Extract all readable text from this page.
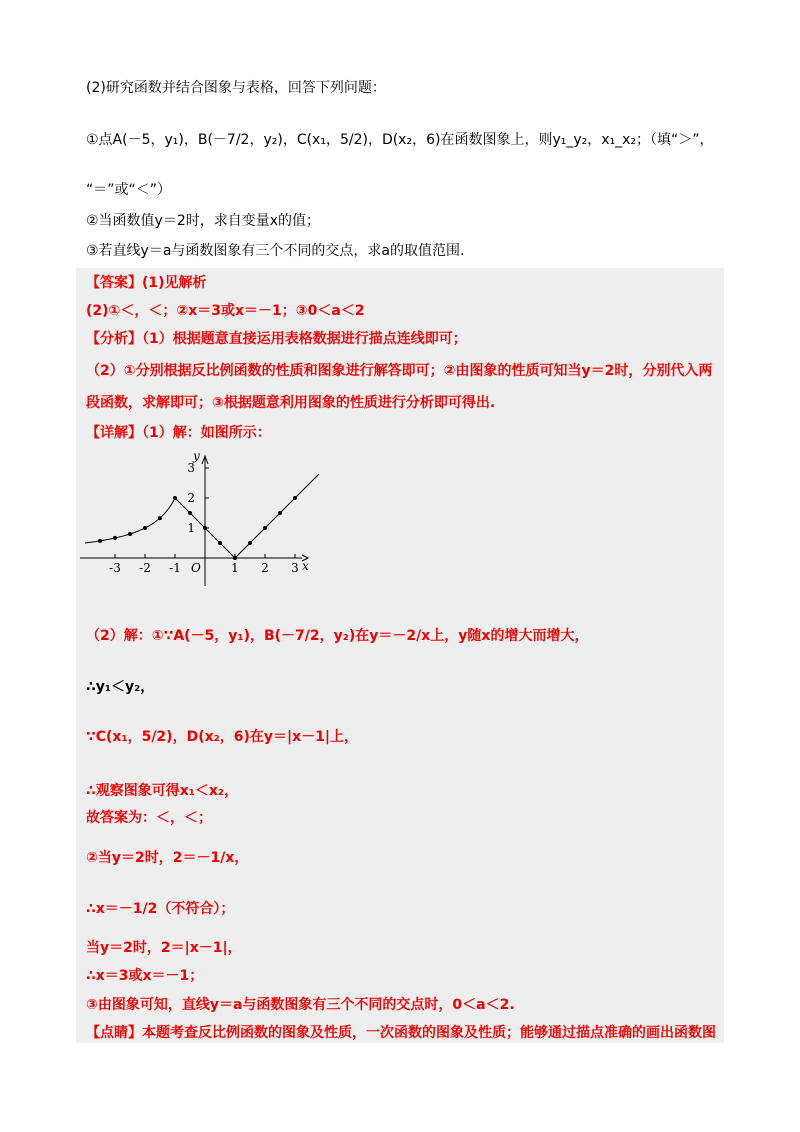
(2)研究函数并结合图象与表格，回答下列问题：
①点A(－5，y₁)，B(－7/2，y₂)，C(x₁，5/2)，D(x₂，6)在函数图象上，则y₁_y₂，x₁_x₂；（填“＞”，
“＝”或“＜”）
②当函数值y＝2时，求自变量x的值；
③若直线y＝a与函数图象有三个不同的交点，求a的取值范围.
【答案】(1)见解析
(2)①＜，＜；②x＝3或x＝－1；③0＜a＜2
【分析】（1）根据题意直接运用表格数据进行描点连线即可；
（2）①分别根据反比例函数的性质和图象进行解答即可；②由图象的性质可知当y＝2时，分别代入两
段函数，求解即可；③根据题意利用图象的性质进行分析即可得出.
【详解】（1）解：如图所示：
-3 -2 -1	1 2 3
1
2
3
O	x
y
（2）解：①∵A(－5，y₁)，B(－7/2，y₂)在y＝－2/x上，y随x的增大而增大，
∴y₁＜y₂，
∵C(x₁，5/2)，D(x₂，6)在y＝|x－1|上，
∴观察图象可得x₁＜x₂，
故答案为：＜，＜；
②当y＝2时，2＝－1/x，
∴x＝－1/2（不符合）；
当y＝2时，2＝|x－1|，
∴x＝3或x＝－1；
③由图象可知，直线y＝a与函数图象有三个不同的交点时，0＜a＜2.
【点睛】本题考查反比例函数的图象及性质，一次函数的图象及性质；能够通过描点准确的画出函数图
